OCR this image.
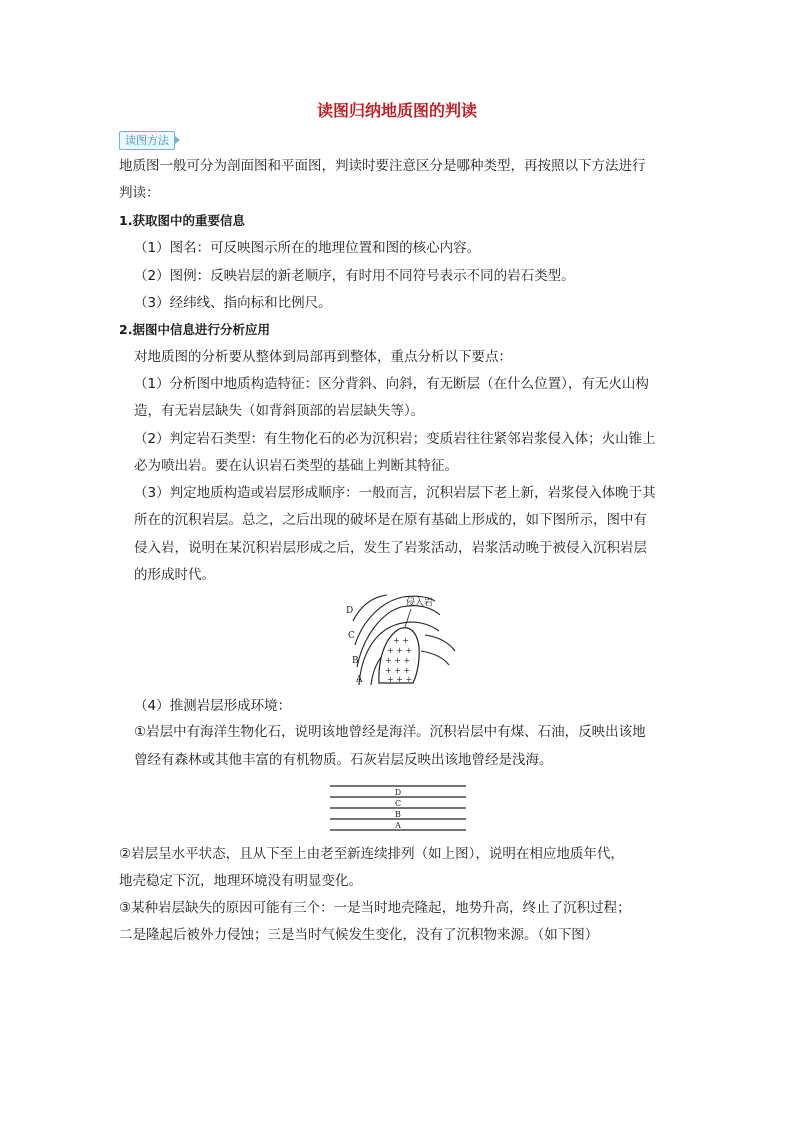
读图归纳地质图的判读
读图方法
地质图一般可分为剖面图和平面图，判读时要注意区分是哪种类型，再按照以下方法进行
判读：
1.获取图中的重要信息
（1）图名：可反映图示所在的地理位置和图的核心内容。
（2）图例：反映岩层的新老顺序，有时用不同符号表示不同的岩石类型。
（3）经纬线、指向标和比例尺。
2.据图中信息进行分析应用
对地质图的分析要从整体到局部再到整体，重点分析以下要点：
（1）分析图中地质构造特征：区分背斜、向斜，有无断层（在什么位置），有无火山构
造，有无岩层缺失（如背斜顶部的岩层缺失等）。
（2）判定岩石类型：有生物化石的必为沉积岩；变质岩往往紧邻岩浆侵入体；火山锥上
必为喷出岩。要在认识岩石类型的基础上判断其特征。
（3）判定地质构造或岩层形成顺序：一般而言，沉积岩层下老上新，岩浆侵入体晚于其
所在的沉积岩层。总之，之后出现的破坏是在原有基础上形成的，如下图所示，图中有
侵入岩，说明在某沉积岩层形成之后，发生了岩浆活动，岩浆活动晚于被侵入沉积岩层
的形成时代。
+ +
+ + +
+ + +
+ + +
+ + +
侵入岩
D
C
B
A
（4）推测岩层形成环境：
①岩层中有海洋生物化石，说明该地曾经是海洋。沉积岩层中有煤、石油，反映出该地
曾经有森林或其他丰富的有机物质。石灰岩层反映出该地曾经是浅海。
D
C
B
A
②岩层呈水平状态，且从下至上由老至新连续排列（如上图），说明在相应地质年代，
地壳稳定下沉，地理环境没有明显变化。
③某种岩层缺失的原因可能有三个：一是当时地壳隆起，地势升高，终止了沉积过程；
二是隆起后被外力侵蚀；三是当时气候发生变化，没有了沉积物来源。（如下图）
